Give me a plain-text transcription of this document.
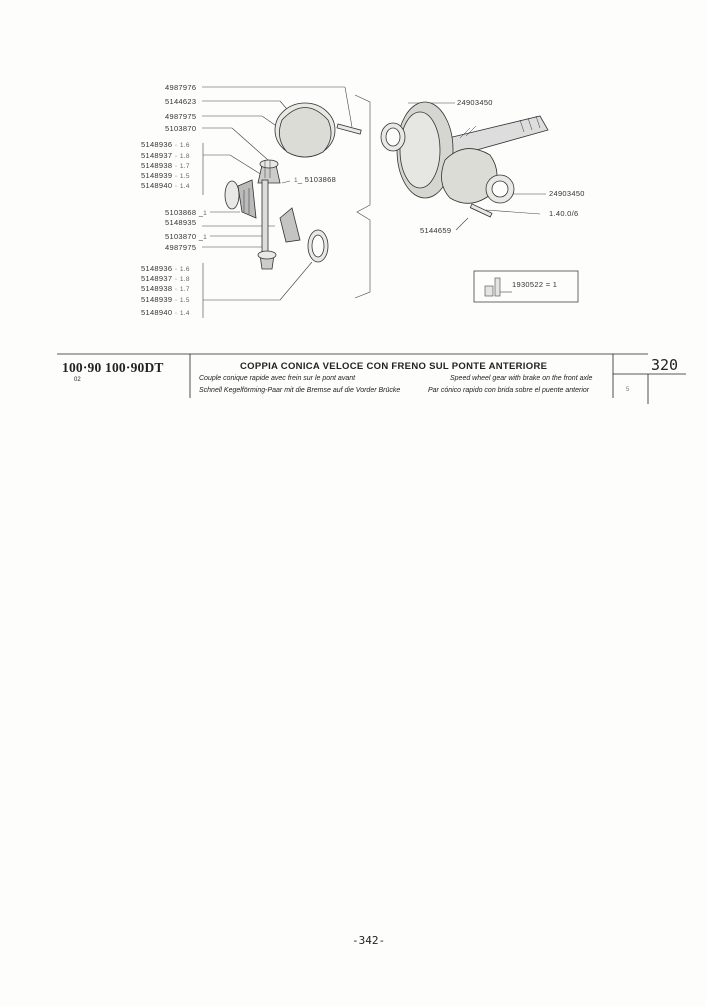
4987976
5144623
4987975
5103870
5148936 · 1.6
5148937 · 1.8
5148938 · 1.7
5148939 · 1.5
5148940 · 1.4
5103868 _1
5148935
5103870 _1
4987975
5148936 · 1.6
5148937 · 1.8
5148938 · 1.7
5148939 · 1.5
5148940 · 1.4
1_ 5103868
24903450
24903450
1.40.0/6
5144659
1930522 = 1
100·90 100·90DT
02
COPPIA CONICA VELOCE CON FRENO SUL PONTE ANTERIORE
Couple conique rapide avec frein sur le pont avant	Speed wheel gear with brake on the front axle
Schnell Kegelförming-Paar mit die Bremse auf die Vorder Brücke	Par cónico rapido con brida sobre el puente anterior
320
5
-342-
